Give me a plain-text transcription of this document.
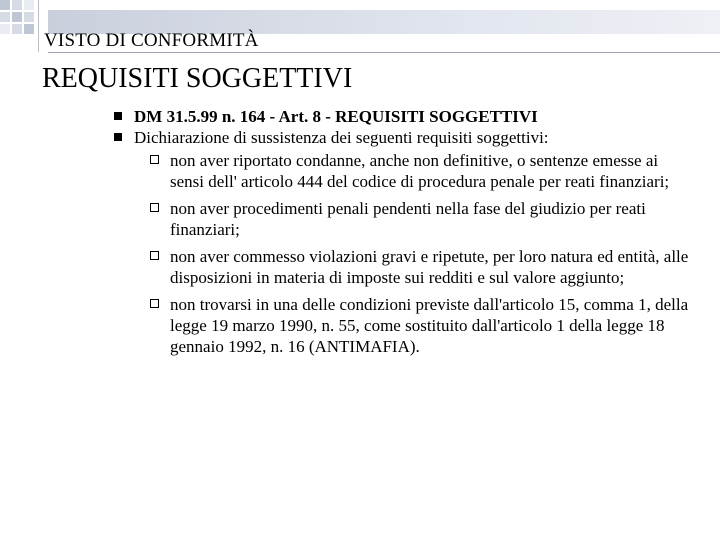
VISTO DI CONFORMITÀ
REQUISITI SOGGETTIVI
DM 31.5.99 n. 164 - Art. 8 - REQUISITI SOGGETTIVI
Dichiarazione di sussistenza dei seguenti requisiti soggettivi:
non aver riportato condanne, anche non definitive, o sentenze emesse ai sensi dell' articolo 444 del codice di procedura penale per reati finanziari;
non aver procedimenti penali pendenti nella fase del giudizio per reati finanziari;
non aver commesso violazioni gravi e ripetute, per loro natura ed entità, alle disposizioni in materia di imposte sui redditi e sul valore aggiunto;
non trovarsi in una delle condizioni previste dall'articolo 15, comma 1, della legge 19 marzo 1990, n. 55, come sostituito dall'articolo 1 della legge 18 gennaio 1992, n. 16 (ANTIMAFIA).
